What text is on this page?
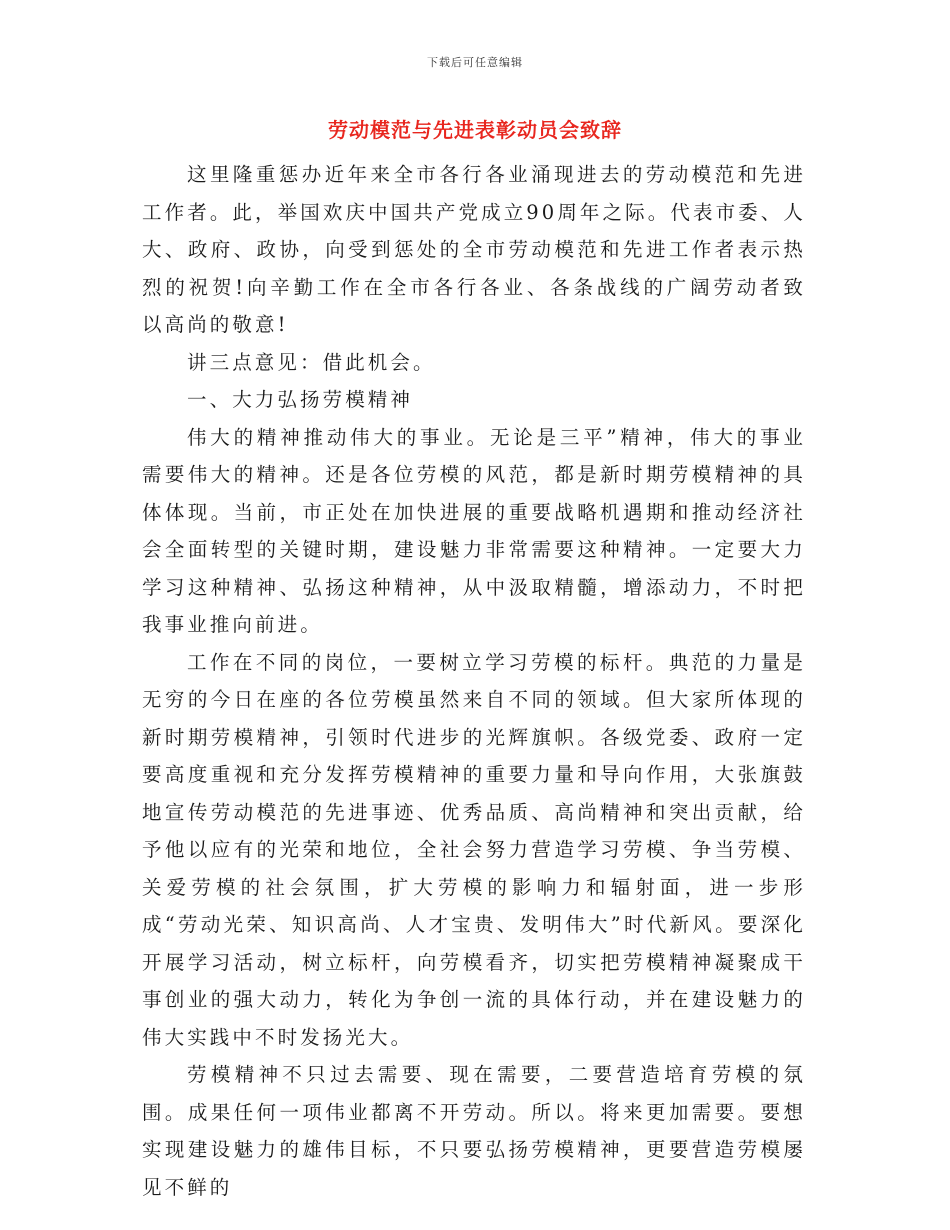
下载后可任意编辑
劳动模范与先进表彰动员会致辞

这里隆重惩办近年来全市各行各业涌现进去的劳动模范和先进工作者。此，举国欢庆中国共产党成立90周年之际。代表市委、人大、政府、政协，向受到惩处的全市劳动模范和先进工作者表示热烈的祝贺!向辛勤工作在全市各行各业、各条战线的广阔劳动者致以高尚的敬意!

讲三点意见：借此机会。

一、大力弘扬劳模精神

伟大的精神推动伟大的事业。无论是三平”精神，伟大的事业需要伟大的精神。还是各位劳模的风范，都是新时期劳模精神的具体体现。当前，市正处在加快进展的重要战略机遇期和推动经济社会全面转型的关键时期，建设魅力非常需要这种精神。一定要大力学习这种精神、弘扬这种精神，从中汲取精髓，增添动力，不时把我事业推向前进。

工作在不同的岗位，一要树立学习劳模的标杆。典范的力量是无穷的今日在座的各位劳模虽然来自不同的领域。但大家所体现的新时期劳模精神，引领时代进步的光辉旗帜。各级党委、政府一定要高度重视和充分发挥劳模精神的重要力量和导向作用，大张旗鼓地宣传劳动模范的先进事迹、优秀品质、高尚精神和突出贡献，给予他以应有的光荣和地位，全社会努力营造学习劳模、争当劳模、关爱劳模的社会氛围，扩大劳模的影响力和辐射面，进一步形成“劳动光荣、知识高尚、人才宝贵、发明伟大”时代新风。要深化开展学习活动，树立标杆，向劳模看齐，切实把劳模精神凝聚成干事创业的强大动力，转化为争创一流的具体行动，并在建设魅力的伟大实践中不时发扬光大。

劳模精神不只过去需要、现在需要，二要营造培育劳模的氛围。成果任何一项伟业都离不开劳动。所以。将来更加需要。要想实现建设魅力的雄伟目标，不只要弘扬劳模精神，更要营造劳模屡见不鲜的
